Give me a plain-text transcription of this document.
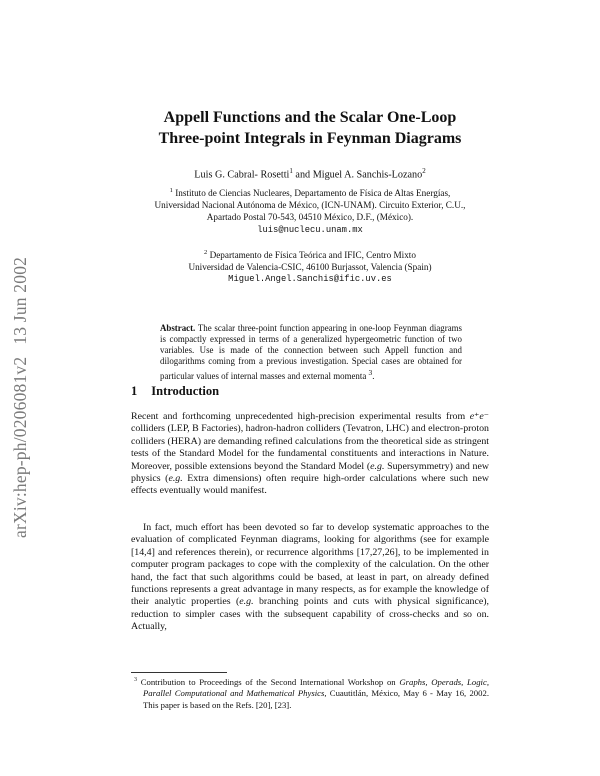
arXiv:hep-ph/0206081v213 Jun 2002
Appell Functions and the Scalar One-Loop
Three-point Integrals in Feynman Diagrams
Luis G. Cabral- Rosetti$^1$ and Miguel A. Sanchis-Lozano$^2$
$^1$ Instituto de Ciencias Nucleares, Departamento de Física de Altas Energías,
Universidad Nacional Autónoma de México, (ICN-UNAM). Circuito Exterior, C.U.,
Apartado Postal 70-543, 04510 México, D.F., (México).
luis@nuclecu.unam.mx
$^2$ Departamento de Física Teórica and IFIC, Centro Mixto
Universidad de Valencia-CSIC, 46100 Burjassot, Valencia (Spain)
Miguel.Angel.Sanchis@ific.uv.es
Abstract. The scalar three-point function appearing in one-loop Feynman diagrams is compactly expressed in terms of a generalized hypergeometric function of two variables. Use is made of the connection between such Appell function and dilogarithms coming from a previous investigation. Special cases are obtained for particular values of internal masses and external momenta $^3$.
1 Introduction
Recent and forthcoming unprecedented high-precision experimental results from e⁺e⁻ colliders (LEP, B Factories), hadron-hadron colliders (Tevatron, LHC) and electron-proton colliders (HERA) are demanding refined calculations from the theoretical side as stringent tests of the Standard Model for the fundamental constituents and interactions in Nature. Moreover, possible extensions beyond the Standard Model (e.g. Supersymmetry) and new physics (e.g. Extra dimensions) often require high-order calculations where such new effects eventually would manifest.
In fact, much effort has been devoted so far to develop systematic approaches to the evaluation of complicated Feynman diagrams, looking for algorithms (see for example [14,4] and references therein), or recurrence algorithms [17,27,26], to be implemented in computer program packages to cope with the complexity of the calculation. On the other hand, the fact that such algorithms could be based, at least in part, on already defined functions represents a great advantage in many respects, as for example the knowledge of their analytic properties (e.g. branching points and cuts with physical significance), reduction to simpler cases with the subsequent capability of cross-checks and so on. Actually,
$^3$ Contribution to Proceedings of the Second International Workshop on Graphs, Operads, Logic, Parallel Computational and Mathematical Physics, Cuautitlán, México, May 6 - May 16, 2002. This paper is based on the Refs. [20], [23].
